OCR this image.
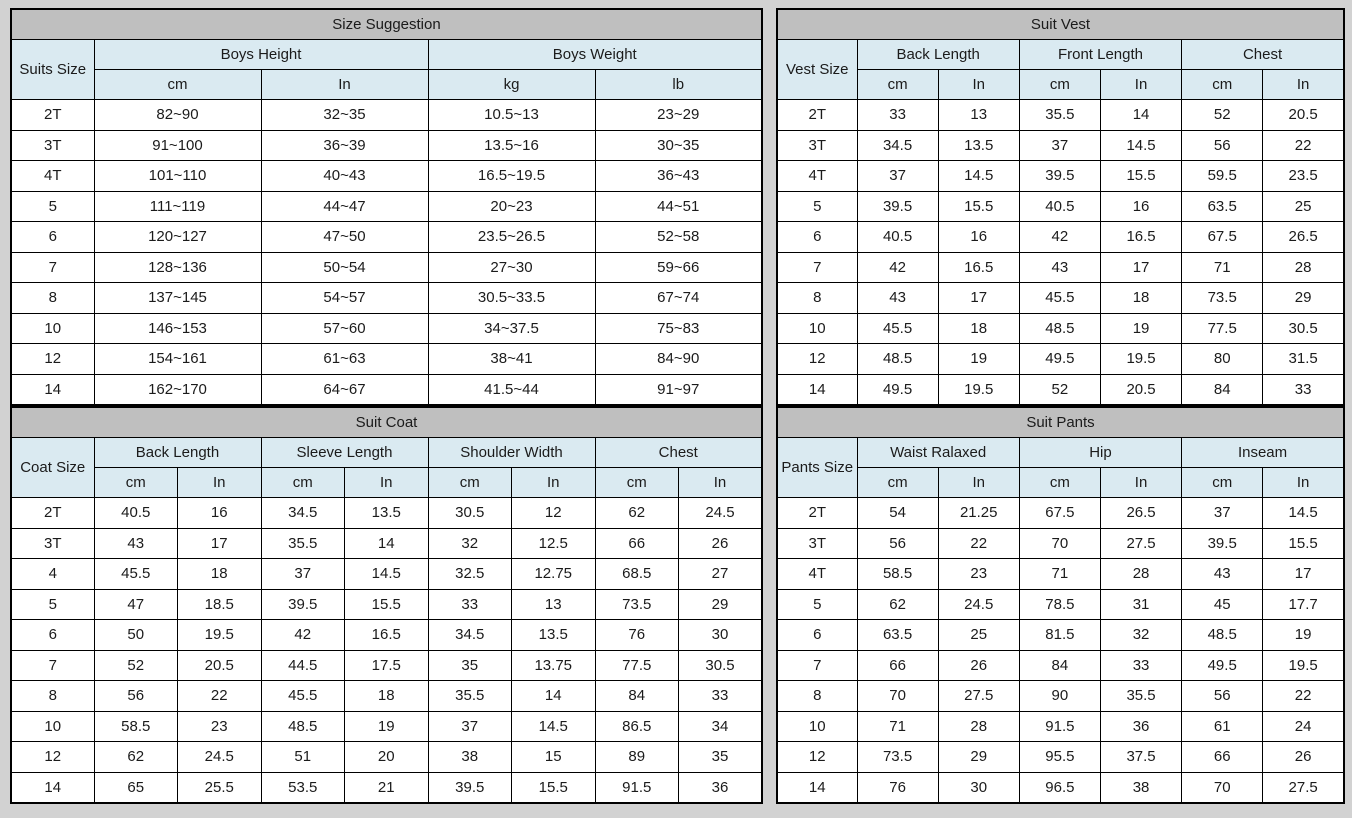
Size Suggestion				
Suits Size	Boys Height		Boys Weight	
	cm	In	kg	lb
2T	82~90	32~35	10.5~13	23~29
3T	91~100	36~39	13.5~16	30~35
4T	101~110	40~43	16.5~19.5	36~43
5	111~119	44~47	20~23	44~51
6	120~127	47~50	23.5~26.5	52~58
7	128~136	50~54	27~30	59~66
8	137~145	54~57	30.5~33.5	67~74
10	146~153	57~60	34~37.5	75~83
12	154~161	61~63	38~41	84~90
14	162~170	64~67	41.5~44	91~97
Suit Coat								
Coat Size	Back Length		Sleeve Length		Shoulder Width		Chest	
	cm	In	cm	In	cm	In	cm	In
2T	40.5	16	34.5	13.5	30.5	12	62	24.5
3T	43	17	35.5	14	32	12.5	66	26
4	45.5	18	37	14.5	32.5	12.75	68.5	27
5	47	18.5	39.5	15.5	33	13	73.5	29
6	50	19.5	42	16.5	34.5	13.5	76	30
7	52	20.5	44.5	17.5	35	13.75	77.5	30.5
8	56	22	45.5	18	35.5	14	84	33
10	58.5	23	48.5	19	37	14.5	86.5	34
12	62	24.5	51	20	38	15	89	35
14	65	25.5	53.5	21	39.5	15.5	91.5	36
Suit Vest						
Vest Size	Back Length		Front Length		Chest	
	cm	In	cm	In	cm	In
2T	33	13	35.5	14	52	20.5
3T	34.5	13.5	37	14.5	56	22
4T	37	14.5	39.5	15.5	59.5	23.5
5	39.5	15.5	40.5	16	63.5	25
6	40.5	16	42	16.5	67.5	26.5
7	42	16.5	43	17	71	28
8	43	17	45.5	18	73.5	29
10	45.5	18	48.5	19	77.5	30.5
12	48.5	19	49.5	19.5	80	31.5
14	49.5	19.5	52	20.5	84	33
Suit Pants						
Pants Size	Waist Ralaxed		Hip		Inseam	
	cm	In	cm	In	cm	In
2T	54	21.25	67.5	26.5	37	14.5
3T	56	22	70	27.5	39.5	15.5
4T	58.5	23	71	28	43	17
5	62	24.5	78.5	31	45	17.7
6	63.5	25	81.5	32	48.5	19
7	66	26	84	33	49.5	19.5
8	70	27.5	90	35.5	56	22
10	71	28	91.5	36	61	24
12	73.5	29	95.5	37.5	66	26
14	76	30	96.5	38	70	27.5
